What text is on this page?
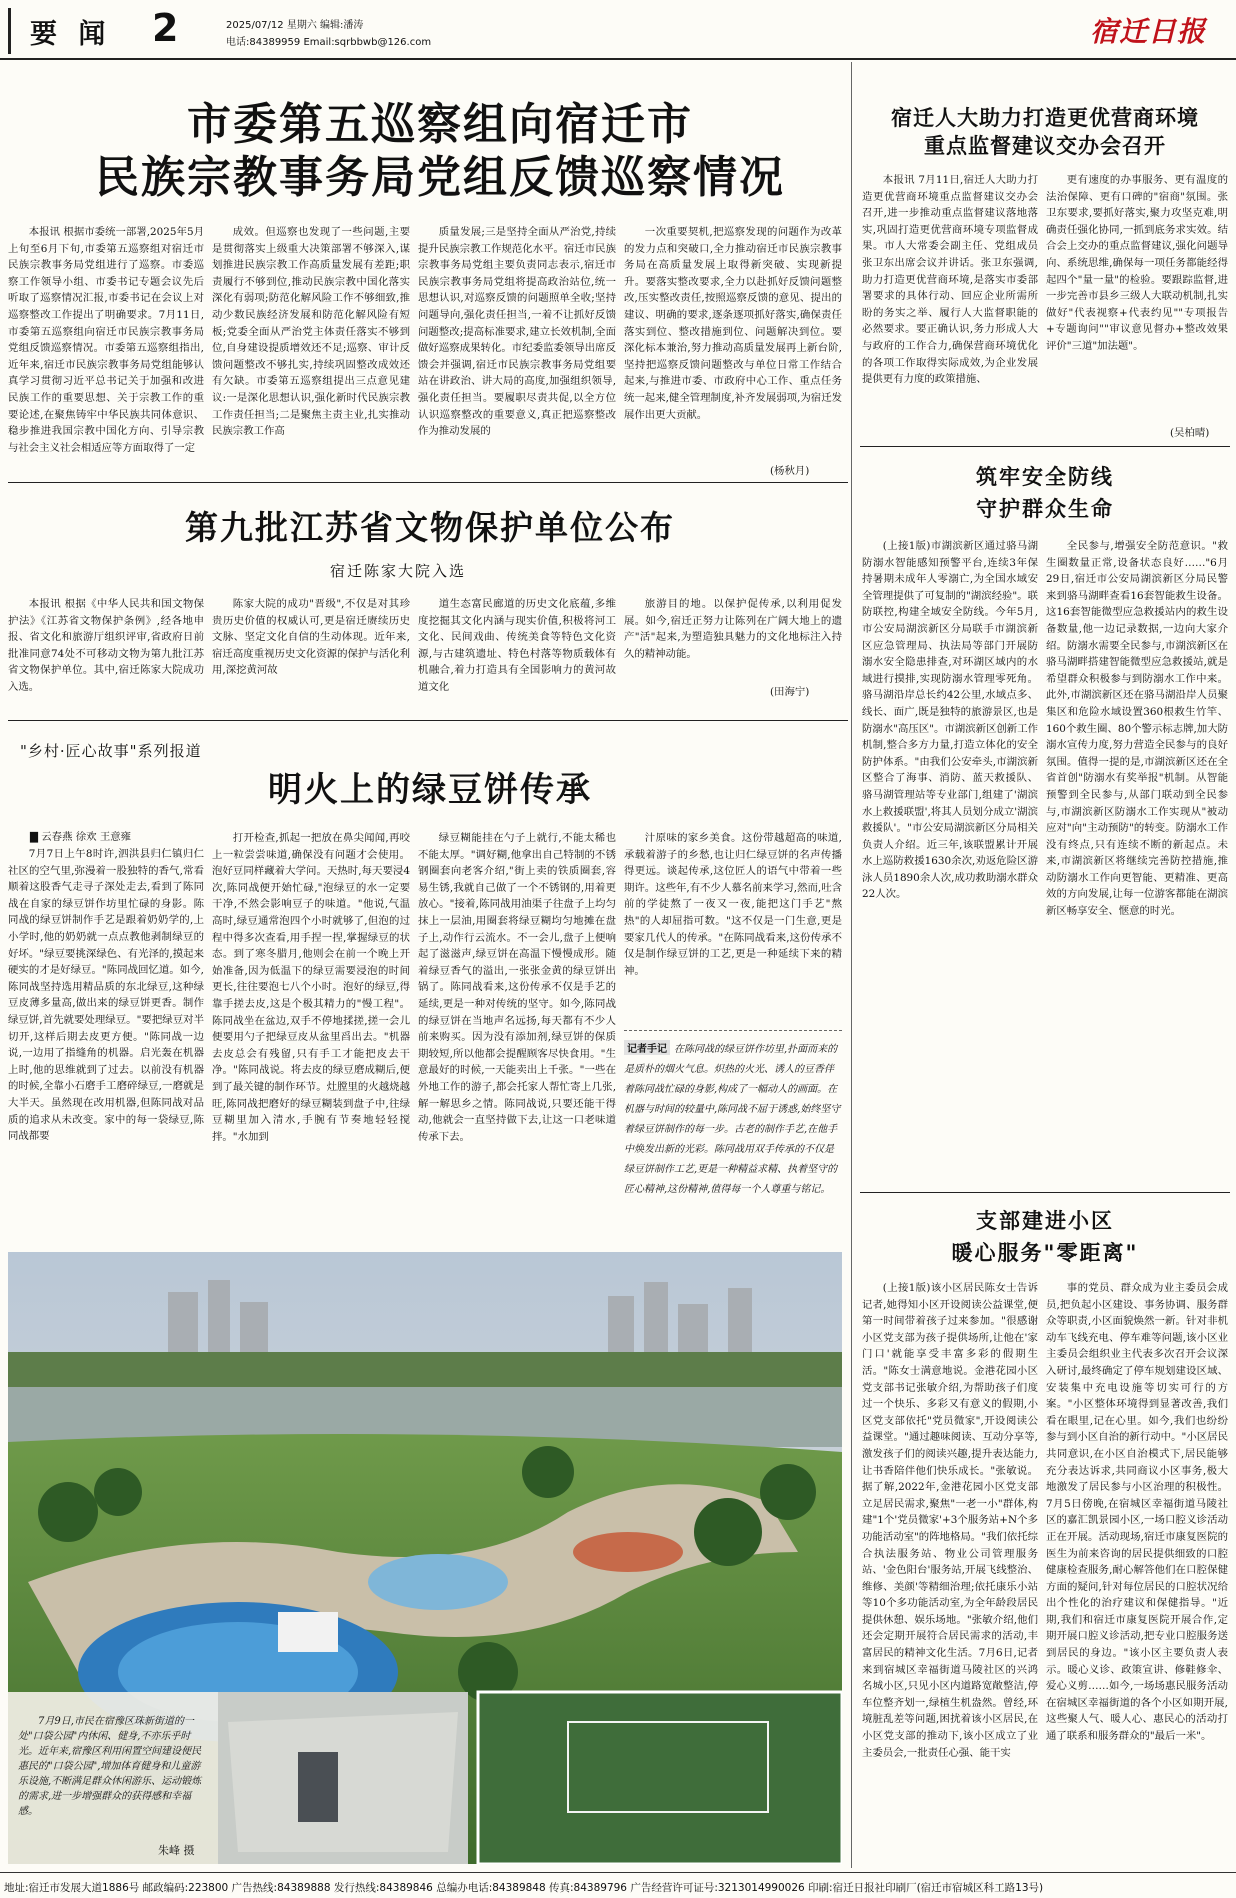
要 闻 2	2025/07/12 星期六 编辑:潘涛
电话:84389959 Email:sqrbbwb@126.com	宿迁日报
市委第五巡察组向宿迁市
民族宗教事务局党组反馈巡察情况
本报讯 根据市委统一部署,2025年5月上旬至6月下旬,市委第五巡察组对宿迁市民族宗教事务局党组进行了巡察。市委巡察工作领导小组、市委书记专题会议先后听取了巡察情况汇报,市委书记在会议上对巡察整改工作提出了明确要求。7月11日,市委第五巡察组向宿迁市民族宗教事务局党组反馈巡察情况。市委第五巡察组指出,近年来,宿迁市民族宗教事务局党组能够认真学习贯彻习近平总书记关于加强和改进民族工作的重要思想、关于宗教工作的重要论述,在聚焦铸牢中华民族共同体意识、稳步推进我国宗教中国化方向、引导宗教与社会主义社会相适应等方面取得了一定
成效。但巡察也发现了一些问题,主要是贯彻落实上级重大决策部署不够深入,谋划推进民族宗教工作高质量发展有差距;职责履行不够到位,推动民族宗教中国化落实深化有弱项;防范化解风险工作不够细致,推动少数民族经济发展和防范化解风险有短板;党委全面从严治党主体责任落实不够到位,自身建设提质增效还不足;巡察、审计反馈问题整改不够扎实,持续巩固整改成效还有欠缺。市委第五巡察组提出三点意见建议:一是深化思想认识,强化新时代民族宗教工作责任担当;二是聚焦主责主业,扎实推动民族宗教工作高
质量发展;三是坚持全面从严治党,持续提升民族宗教工作规范化水平。宿迁市民族宗教事务局党组主要负责同志表示,宿迁市民族宗教事务局党组将提高政治站位,统一思想认识,对巡察反馈的问题照单全收;坚持问题导向,强化责任担当,一着不让抓好反馈问题整改;提高标准要求,建立长效机制,全面做好巡察成果转化。市纪委监委领导出席反馈会并强调,宿迁市民族宗教事务局党组要站在讲政治、讲大局的高度,加强组织领导,强化责任担当。要履职尽责共促,以全方位认识巡察整改的重要意义,真正把巡察整改作为推动发展的
一次重要契机,把巡察发现的问题作为改革的发力点和突破口,全力推动宿迁市民族宗教事务局在高质量发展上取得新突破、实现新提升。要落实整改要求,全力以赴抓好反馈问题整改,压实整改责任,按照巡察反馈的意见、提出的建议、明确的要求,逐条逐项抓好落实,确保责任落实到位、整改措施到位、问题解决到位。要深化标本兼治,努力推动高质量发展再上新台阶,坚持把巡察反馈问题整改与单位日常工作结合起来,与推进市委、市政府中心工作、重点任务统一起来,健全管理制度,补齐发展弱项,为宿迁发展作出更大贡献。
(杨秋月)
第九批江苏省文物保护单位公布
宿迁陈家大院入选
本报讯 根据《中华人民共和国文物保护法》《江苏省文物保护条例》,经各地申报、省文化和旅游厅组织评审,省政府日前批准同意74处不可移动文物为第九批江苏省文物保护单位。其中,宿迁陈家大院成功入选。
陈家大院的成功"晋级",不仅是对其珍贵历史价值的权威认可,更是宿迁赓续历史文脉、坚定文化自信的生动体现。近年来,宿迁高度重视历史文化资源的保护与活化利用,深挖黄河故
道生态富民廊道的历史文化底蕴,多维度挖掘其文化内涵与现实价值,积极将河工文化、民间戏曲、传统美食等特色文化资源,与古建筑遗址、特色村落等物质载体有机融合,着力打造具有全国影响力的黄河故道文化
旅游目的地。以保护促传承,以利用促发展。如今,宿迁正努力让陈列在广阔大地上的遗产"活"起来,为塑造独具魅力的文化地标注入持久的精神动能。
(田海宁)
"乡村·匠心故事"系列报道
明火上的绿豆饼传承
▇ 云春燕 徐欢 王意雍
7月7日上午8时许,泗洪县归仁镇归仁社区的空气里,弥漫着一股独特的香气,常看顺着这股香气走寻子深处走去,看到了陈同战在自家的绿豆饼作坊里忙碌的身影。陈同战的绿豆饼制作手艺是跟着奶奶学的,上小学时,他的奶奶就一点点教他剥制绿豆的好坏。"绿豆要挑深绿色、有光泽的,摸起来硬实的才是好绿豆。"陈同战回忆道。如今,陈同战坚持选用精品质的东北绿豆,这种绿豆皮薄多量高,做出来的绿豆饼更香。制作绿豆饼,首先就要处理绿豆。"要把绿豆对半切开,这样后期去皮更方便。"陈同战一边说,一边用了指缝角的机器。启光轰在机器上时,他的思维就到了过去。以前没有机器的时候,全靠小石磨手工磨碎绿豆,一磨就是大半天。虽然现在改用机器,但陈同战对品质的追求从未改变。家中的每一袋绿豆,陈同战都要
打开检查,抓起一把放在鼻尖闻闻,再咬上一粒尝尝味道,确保没有问题才会使用。泡好豆同样藏着大学问。天热时,每天要浸4次,陈同战便开始忙碌,"泡绿豆的水一定要干净,不然会影响豆子的味道。"他说,气温高时,绿豆通常泡四个小时就够了,但泡的过程中得多次查看,用手捏一捏,掌握绿豆的状态。到了寒冬腊月,他则会在前一个晚上开始准备,因为低温下的绿豆需要浸泡的时间更长,往往要泡七八个小时。泡好的绿豆,得靠手搓去皮,这是个极其精力的"慢工程"。陈同战坐在盆边,双手不停地揉搓,搓一会儿便要用勺子把绿豆皮从盆里舀出去。"机器去皮总会有残留,只有手工才能把皮去干净。"陈同战说。将去皮的绿豆磨成糊后,便到了最关键的制作环节。灶膛里的火越烧越旺,陈同战把磨好的绿豆糊装到盘子中,往绿豆糊里加入清水,手腕有节奏地轻轻搅拌。"水加到
绿豆糊能挂在勺子上就行,不能太稀也不能太厚。"调好糊,他拿出自己特制的不锈钢圈套向老客介绍,"街上卖的铁质圈套,容易生锈,我就自己做了一个不锈钢的,用着更放心。"接着,陈同战用油渠子往盘子上均匀抹上一层油,用圈套将绿豆糊均匀地摊在盘子上,动作行云流水。不一会儿,盘子上便响起了滋滋声,绿豆饼在高温下慢慢成形。随着绿豆香气的溢出,一张张金黄的绿豆饼出锅了。陈同战看来,这份传承不仅是手艺的延续,更是一种对传统的坚守。如今,陈同战的绿豆饼在当地声名远扬,每天都有不少人前来购买。因为没有添加剂,绿豆饼的保质期较短,所以他都会提醒顾客尽快食用。"生意最好的时候,一天能卖出上千张。"一些在外地工作的游子,都会托家人帮忙寄上几张,解一解思乡之情。陈同战说,只要还能干得动,他就会一直坚持做下去,让这一口老味道传承下去。
汁原味的家乡美食。这份带越超高的味道,承载着游子的乡愁,也让归仁绿豆饼的名声传播得更远。谈起传承,这位匠人的语气中带着一些期许。这些年,有不少人慕名前来学习,然而,吐含前的学徒熬了一夜又一夜,能把这门手艺"熬热"的人却屈指可数。"这不仅是一门生意,更是要家几代人的传承。"在陈同战看来,这份传承不仅是制作绿豆饼的工艺,更是一种延续下来的精神。
记者手记 在陈同战的绿豆饼作坊里,扑面而来的是质朴的烟火气息。炽热的火光、诱人的豆香伴着陈同战忙碌的身影,构成了一幅动人的画面。在机器与时间的较量中,陈同战不屈于诱惑,始终坚守着绿豆饼制作的每一步。古老的制作手艺,在他手中焕发出新的光彩。陈同战用双手传承的不仅是绿豆饼制作工艺,更是一种精益求精、执着坚守的匠心精神,这份精神,值得每一个人尊重与铭记。
7月9日,市民在宿豫区珠新街道的一处"口袋公园"内休闲、健身,不亦乐乎时光。近年来,宿豫区利用闲置空间建设便民惠民的"口袋公园",增加体育健身和儿童游乐设施,不断满足群众休闲游乐、运动锻炼的需求,进一步增强群众的获得感和幸福感。
朱峰 摄
宿迁人大助力打造更优营商环境
重点监督建议交办会召开
本报讯 7月11日,宿迁人大助力打造更优营商环境重点监督建议交办会召开,进一步推动重点监督建议落地落实,巩固打造更优营商环境专项监督成果。市人大常委会副主任、党组成员张卫东出席会议并讲话。张卫东强调,助力打造更优营商环境,是落实市委部署要求的具体行动、回应企业所需所盼的务实之举、履行人大监督职能的必然要求。要正确认识,务力形成人大与政府的工作合力,确保营商环境优化的各项工作取得实际成效,为企业发展提供更有力度的政策措施、
更有速度的办事服务、更有温度的法治保障、更有口碑的"宿商"氛围。张卫东要求,要抓好落实,聚力攻坚克难,明确责任强化协同,一抓到底务求实效。结合会上交办的重点监督建议,强化问题导向、系统思维,确保每一项任务都能经得起四个"量一量"的检验。要跟踪监督,进一步完善市县乡三级人大联动机制,扎实做好"代表视察+代表约见""专项报告+专题询问""审议意见督办+整改效果评价"三道"加法题"。
(吴柏晴)
筑牢安全防线
守护群众生命
(上接1版)市湖滨新区通过骆马湖防溺水智能感知预警平台,连续3年保持暑期未成年人零溺亡,为全国水域安全管理提供了可复制的"湖滨经验"。联防联控,构建全域安全防线。今年5月,市公安局湖滨新区分局联手市湖滨新区应急管理局、执法局等部门开展防溺水安全隐患排查,对环湖区域内的水域进行摸排,实现防溺水管理零死角。骆马湖沿岸总长约42公里,水域点多、线长、面广,既是独特的旅游景区,也是防溺水"高压区"。市湖滨新区创新工作机制,整合多方力量,打造立体化的安全防护体系。"由我们公安牵头,市湖滨新区整合了海事、消防、蓝天救援队、骆马湖管理站等专业部门,组建了'湖滨水上救援联盟',将其人员划分成立'湖滨救援队'。"市公安局湖滨新区分局相关负责人介绍。近三年,该联盟累计开展水上巡防救援1630余次,劝返危险区游泳人员1890余人次,成功救助溺水群众22人次。
全民参与,增强安全防范意识。"救生圈数量正常,设备状态良好……"6月29日,宿迁市公安局湖滨新区分局民警来到骆马湖畔查看16套智能救生设备。这16套智能微型应急救援站内的救生设备数量,他一边记录数据,一边向大家介绍。防溺水需要全民参与,市湖滨新区在骆马湖畔搭建智能微型应急救援站,就是希望群众积极参与到防溺水工作中来。此外,市湖滨新区还在骆马湖沿岸人员聚集区和危险水域设置360根救生竹竿、160个救生圈、80个警示标志牌,加大防溺水宣传力度,努力营造全民参与的良好氛围。值得一提的是,市湖滨新区还在全省首创"防溺水有奖举报"机制。从智能预警到全民参与,从部门联动到全民参与,市湖滨新区防溺水工作实现从"被动应对"向"主动预防"的转变。防溺水工作没有终点,只有连续不断的新起点。未来,市湖滨新区将继续完善防控措施,推动防溺水工作向更智能、更精准、更高效的方向发展,让每一位游客都能在湖滨新区畅享安全、惬意的时光。
支部建进小区
暖心服务"零距离"
(上接1版)该小区居民陈女士告诉记者,她得知小区开设阅读公益课堂,便第一时间带着孩子过来参加。"很感谢小区党支部为孩子提供场所,让他在'家门口'就能享受丰富多彩的假期生活。"陈女士满意地说。金港花园小区党支部书记张敏介绍,为帮助孩子们度过一个快乐、多彩又有意义的假期,小区党支部依托"党员微家",开设阅读公益课堂。"通过趣味阅读、互动分享等,激发孩子们的阅读兴趣,提升表达能力,让书香陪伴他们快乐成长。"张敏说。据了解,2022年,金港花园小区党支部立足居民需求,聚焦"一老一小"群体,构建"1个'党员微家'+3个服务站+N个多功能活动室"的阵地格局。"我们依托综合执法服务站、物业公司管理服务站、'金色阳台'服务站,开展飞线整治、维修、美颜'等精细治理;依托康乐小站等10个多功能活动室,为全年龄段居民提供休憩、娱乐场地。"张敏介绍,他们还会定期开展符合居民需求的活动,丰富居民的精神文化生活。7月6日,记者来到宿城区幸福街道马陵社区的兴鸿名城小区,只见小区内道路宽敞整洁,停车位整齐划一,绿植生机盎然。曾经,环境脏乱差等问题,困扰着该小区居民,在小区党支部的推动下,该小区成立了业主委员会,一批责任心强、能干实
事的党员、群众成为业主委员会成员,把负起小区建设、事务协调、服务群众等职责,小区面貌焕然一新。针对非机动车飞线充电、停车难等问题,该小区业主委员会组织业主代表多次召开会议深入研讨,最终确定了停车规划建设区域、安装集中充电设施等切实可行的方案。"小区整体环境得到显著改善,我们看在眼里,记在心里。如今,我们也纷纷参与到小区自治的新行动中。"小区居民共同意识,在小区自治模式下,居民能够充分表达诉求,共同商议小区事务,极大地激发了居民参与小区治理的积极性。7月5日傍晚,在宿城区幸福街道马陵社区的嘉汇凯景园小区,一场口腔义诊活动正在开展。活动现场,宿迁市康复医院的医生为前来咨询的居民提供细致的口腔健康检查服务,耐心解答他们在口腔保健方面的疑问,针对每位居民的口腔状况给出个性化的治疗建议和保健指导。"近期,我们和宿迁市康复医院开展合作,定期开展口腔义诊活动,把专业口腔服务送到居民的身边。"该小区主要负责人表示。暖心义诊、政策宣讲、修鞋修伞、爱心义剪……如今,一场场惠民服务活动在宿城区幸福街道的各个小区如期开展,这些聚人气、暖人心、惠民心的活动打通了联系和服务群众的"最后一米"。
地址:宿迁市发展大道1886号 邮政编码:223800 广告热线:84389888 发行热线:84389846 总编办电话:84389848 传真:84389796 广告经营许可证号:3213014990026 印刷:宿迁日报社印刷厂(宿迁市宿城区科工路13号)
